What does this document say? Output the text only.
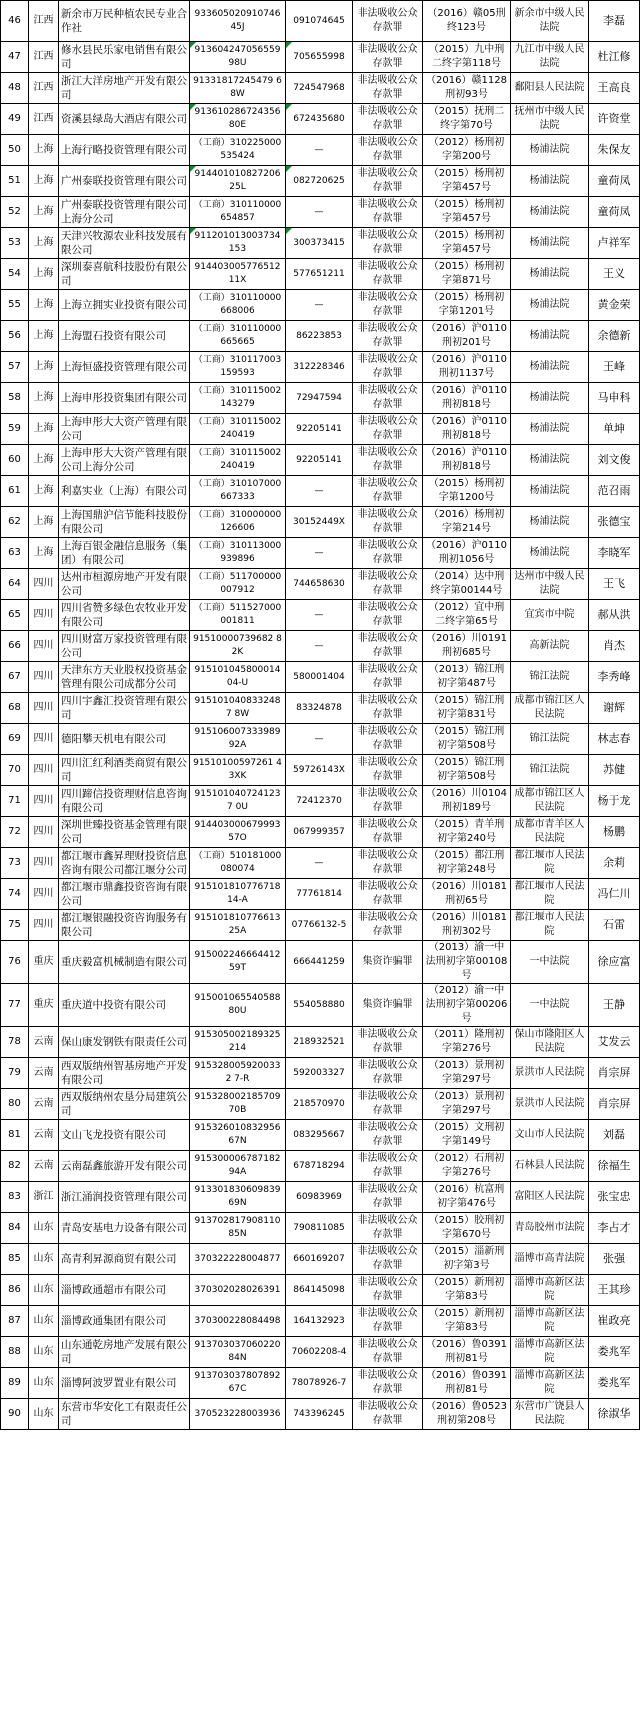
46	江西	新余市万民种植农民专业合作社	93360502091074645J	091074645	非法吸收公众存款罪	（2016）赣05刑终123号	新余市中级人民法院	李磊
47	江西	修水县民乐家电销售有限公司	91360424705655998U	705655998	非法吸收公众存款罪	（2015）九中刑二终字第118号	九江市中级人民法院	杜江修
48	江西	浙江大洋房地产开发有限公司	91331817245479 68W	724547968	非法吸收公众存款罪	（2016）赣1128刑初93号	鄱阳县人民法院	王高良
49	江西	资溪县绿岛大酒店有限公司	91361028672435680E	672435680	非法吸收公众存款罪	（2015）抚刑二终字第70号	抚州市中级人民法院	许资堂
50	上海	上海行略投资管理有限公司	（工商）310225000535424	—	非法吸收公众存款罪	（2012）杨刑初字第200号	杨浦法院	朱保友
51	上海	广州泰联投资管理有限公司	91440101082720625L	082720625	非法吸收公众存款罪	（2015）杨刑初字第457号	杨浦法院	童荷凤
52	上海	广州泰联投资管理有限公司上海分公司	（工商）310110000654857	—	非法吸收公众存款罪	（2015）杨刑初字第457号	杨浦法院	童荷凤
53	上海	天津兴牧源农业科技发展有限公司	911201013003734153	300373415	非法吸收公众存款罪	（2015）杨刑初字第457号	杨浦法院	卢祥军
54	上海	深圳泰喜航科技股份有限公司	91440300577651211X	577651211	非法吸收公众存款罪	（2015）杨刑初字第871号	杨浦法院	王义
55	上海	上海立拥实业投资有限公司	（工商）310110000668006	—	非法吸收公众存款罪	（2015）杨刑初字第1201号	杨浦法院	黄金荣
56	上海	上海盟石投资有限公司	（工商）310110000665665	86223853	非法吸收公众存款罪	（2016）沪0110刑初201号	杨浦法院	余德新
57	上海	上海恒盛投资管理有限公司	（工商）310117003159593	312228346	非法吸收公众存款罪	（2016）沪0110刑初1137号	杨浦法院	王峰
58	上海	上海申彤投资集团有限公司	（工商）310115002143279	72947594	非法吸收公众存款罪	（2016）沪0110刑初818号	杨浦法院	马申科
59	上海	上海申彤大大资产管理有限公司	（工商）310115002240419	92205141	非法吸收公众存款罪	（2016）沪0110刑初818号	杨浦法院	单坤
60	上海	上海申彤大大资产管理有限公司上海分公司	（工商）310115002240419	92205141	非法吸收公众存款罪	（2016）沪0110刑初818号	杨浦法院	刘文俊
61	上海	利嘉实业（上海）有限公司	（工商）310107000667333	—	非法吸收公众存款罪	（2015）杨刑初字第1200号	杨浦法院	范召雨
62	上海	上海国鼎沪信节能科技股份有限公司	（工商）310000000126606	30152449X	非法吸收公众存款罪	（2016）杨刑初字第214号	杨浦法院	张德宝
63	上海	上海百银金融信息服务（集团）有限公司	（工商）310113000939896	—	非法吸收公众存款罪	（2016）沪0110刑初1056号	杨浦法院	李晓军
64	四川	达州市桓源房地产开发有限公司	（工商）511700000007912	744658630	非法吸收公众存款罪	（2014）达中刑终字第00144号	达州市中级人民法院	王飞
65	四川	四川省赞多绿色农牧业开发有限公司	（工商）511527000001811	—	非法吸收公众存款罪	（2012）宜中刑二终字第65号	宜宾市中院	郝从洪
66	四川	四川财富万家投资管理有限公司	91510000739682 82K	—	非法吸收公众存款罪	（2016）川0191刑初685号	高新法院	肖杰
67	四川	天津东方天业股权投资基金管理有限公司成都分公司	91510104580001404-U	580001404	非法吸收公众存款罪	（2013）锦江刑初字第487号	锦江法院	李秀峰
68	四川	四川宇鑫汇投资管理有限公司	9151010408332487 8W	83324878	非法吸收公众存款罪	（2015）锦江刑初字第831号	成都市锦江区人民法院	谢辉
69	四川	德阳攀天机电有限公司	91510600733398992A	—	非法吸收公众存款罪	（2015）锦江刑初字第508号	锦江法院	林志春
70	四川	四川汇红利酒类商贸有限公司	91510100597261 43XK	59726143X	非法吸收公众存款罪	（2015）锦江刑初字第508号	锦江法院	苏健
71	四川	四川蹄信投资理财信息咨询有限公司	9151010407241237 0U	72412370	非法吸收公众存款罪	（2016）川0104刑初189号	成都市锦江区人民法院	杨于龙
72	四川	深圳世臻投资基金管理有限公司	91440300067999357O	067999357	非法吸收公众存款罪	（2015）青羊刑初字第240号	成都市青羊区人民法院	杨鹏
73	四川	都江堰市鑫昇理财投资信息咨询有限公司都江堰分公司	（工商）510181000080074	—	非法吸收公众存款罪	（2015）都江刑初字第248号	都江堰市人民法院	余莉
74	四川	都江堰市鼎鑫投资咨询有限公司	915101810776718 14-A	77761814	非法吸收公众存款罪	（2016）川0181刑初65号	都江堰市人民法院	冯仁川
75	四川	都江堰银融投资咨询服务有限公司	91510181077661325A	07766132-5	非法吸收公众存款罪	（2016）川0181刑初302号	都江堰市人民法院	石雷
76	重庆	重庆毅富机械制造有限公司	91500224666441259T	666441259	集资诈骗罪	（2013）渝一中法刑初字第00108号	一中法院	徐应富
77	重庆	重庆道中投资有限公司	91500106554058880U	554058880	集资诈骗罪	（2012）渝一中法刑初字第00206号	一中法院	王静
78	云南	保山康发钢铁有限责任公司	915305002189325214	218932521	非法吸收公众存款罪	（2011）隆刑初字第276号	保山市隆阳区人民法院	艾发云
79	云南	西双版纳州智基房地产开发有限公司	9153280059200332 7-R	592003327	非法吸收公众存款罪	（2013）景刑初字第297号	景洪市人民法院	肖宗屏
80	云南	西双版纳州农垦分局建筑公司	915328002185709 70B	218570970	非法吸收公众存款罪	（2013）景刑初字第297号	景洪市人民法院	肖宗屏
81	云南	文山飞龙投资有限公司	91532601083295667N	083295667	非法吸收公众存款罪	（2015）文刑初字第149号	文山市人民法院	刘磊
82	云南	云南磊鑫旅游开发有限公司	91530000678718294A	678718294	非法吸收公众存款罪	（2012）石刑初字第276号	石林县人民法院	徐福生
83	浙江	浙江涌润投资管理有限公司	91330183060983969N	60983969	非法吸收公众存款罪	（2016）杭富刑初字第476号	富阳区人民法院	张宝忠
84	山东	青岛安基电力设备有限公司	91370281790811085N	790811085	非法吸收公众存款罪	（2015）胶刑初字第670号	青岛胶州市法院	李占才
85	山东	高青利昇源商贸有限公司	370322228004877	660169207	非法吸收公众存款罪	（2015）淄新刑初字第3号	淄博市高青法院	张强
86	山东	淄博政通超市有限公司	370302028026391	864145098	非法吸收公众存款罪	（2015）新刑初字第83号	淄博市高新区法院	王其珍
87	山东	淄博政通集团有限公司	370300228084498	164132923	非法吸收公众存款罪	（2015）新刑初字第83号	淄博市高新区法院	崔政亮
88	山东	山东通乾房地产发展有限公司	91370303706022084N	70602208-4	非法吸收公众存款罪	（2016）鲁0391刑初81号	淄博市高新区法院	娄兆军
89	山东	淄博阿波罗置业有限公司	91370303780789267C	78078926-7	非法吸收公众存款罪	（2016）鲁0391刑初81号	淄博市高新区法院	娄兆军
90	山东	东营市华安化工有限责任公司	370523228003936	743396245	非法吸收公众存款罪	（2016）鲁0523刑初第208号	东营市广饶县人民法院	徐淑华
